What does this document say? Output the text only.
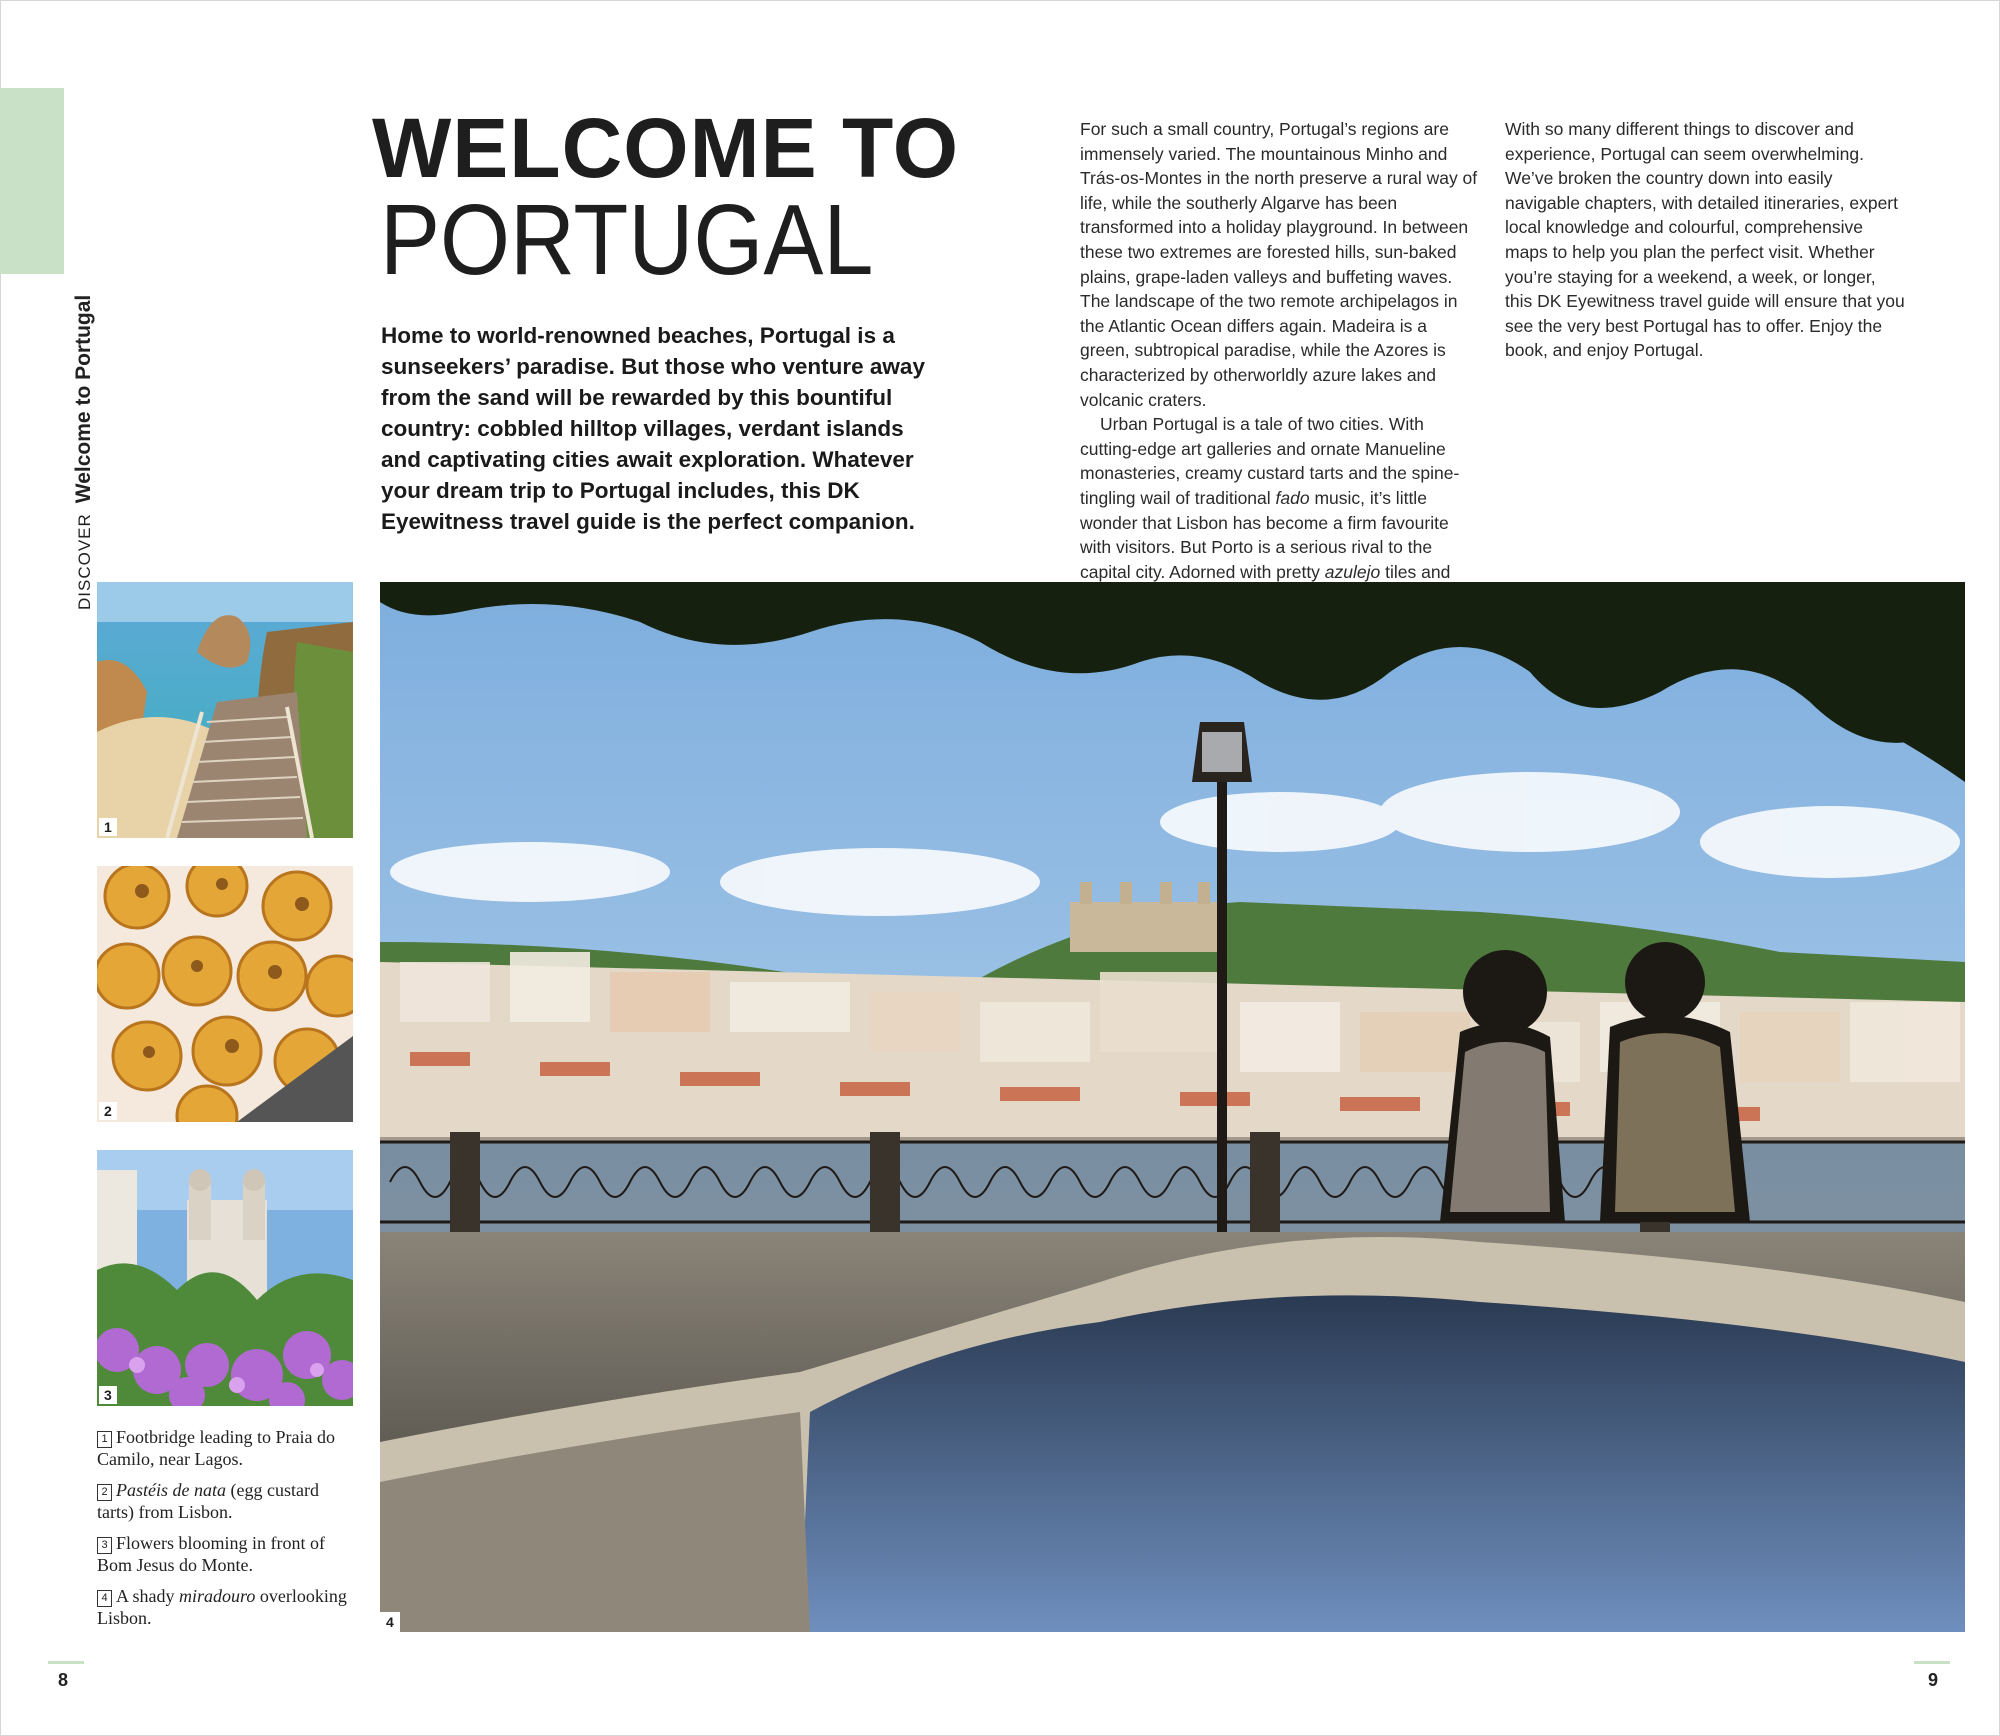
DISCOVERWelcome to Portugal
WELCOME TO
PORTUGAL
Home to world-renowned beaches, Portugal is a sunseekers’ paradise. But those who venture away from the sand will be rewarded by this bountiful country: cobbled hilltop villages, verdant islands and captivating cities await exploration. Whatever your dream trip to Portugal includes, this DK Eyewitness travel guide is the perfect companion.

For such a small country, Portugal’s regions are immensely varied. The mountainous Minho and Trás-os-Montes in the north preserve a rural way of life, while the southerly Algarve has been transformed into a holiday playground. In between these two extremes are forested hills, sun-baked plains, grape-laden valleys and buffeting waves. The landscape of the two remote archipelagos in the Atlantic Ocean differs again. Madeira is a green, subtropical paradise, while the Azores is characterized by otherworldly azure lakes and volcanic craters.

Urban Portugal is a tale of two cities. With cutting-edge art galleries and ornate Manueline monasteries, creamy custard tarts and the spine-tingling wail of traditional fado music, it’s little wonder that Lisbon has become a firm favourite with visitors. But Porto is a serious rival to the capital city. Adorned with pretty azulejo tiles and

With so many different things to discover and experience, Portugal can seem overwhelming. We’ve broken the country down into easily navigable chapters, with detailed itineraries, expert local knowledge and colourful, comprehensive maps to help you plan the perfect visit. Whether you’re staying for a weekend, a week, or longer, this DK Eyewitness travel guide will ensure that you see the very best Portugal has to offer. Enjoy the book, and enjoy Portugal.

1
2
3
1 Footbridge leading to Praia do Camilo, near Lagos.
2 Pastéis de nata (egg custard tarts) from Lisbon.
3 Flowers blooming in front of Bom Jesus do Monte.
4 A shady miradouro overlooking Lisbon.	4
8	9
